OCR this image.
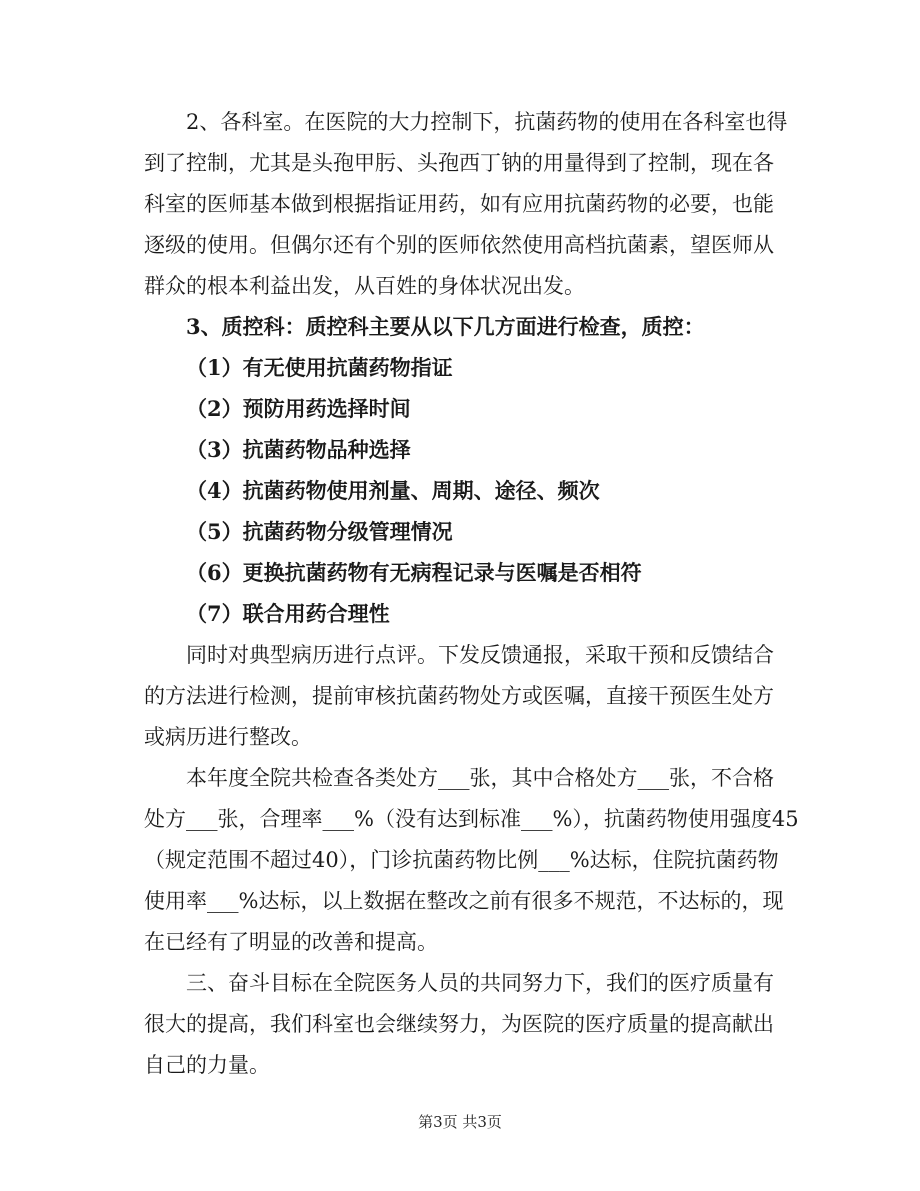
2、各科室。在医院的大力控制下，抗菌药物的使用在各科室也得

到了控制，尤其是头孢甲肟、头孢西丁钠的用量得到了控制，现在各

科室的医师基本做到根据指证用药，如有应用抗菌药物的必要，也能

逐级的使用。但偶尔还有个别的医师依然使用高档抗菌素，望医师从

群众的根本利益出发，从百姓的身体状况出发。

3、质控科：质控科主要从以下几方面进行检查，质控：

（1）有无使用抗菌药物指证

（2）预防用药选择时间

（3）抗菌药物品种选择

（4）抗菌药物使用剂量、周期、途径、频次

（5）抗菌药物分级管理情况

（6）更换抗菌药物有无病程记录与医嘱是否相符

（7）联合用药合理性

同时对典型病历进行点评。下发反馈通报，采取干预和反馈结合

的方法进行检测，提前审核抗菌药物处方或医嘱，直接干预医生处方

或病历进行整改。

本年度全院共检查各类处方___张，其中合格处方___张，不合格

处方___张，合理率___%（没有达到标准___%），抗菌药物使用强度45

（规定范围不超过40），门诊抗菌药物比例___%达标，住院抗菌药物

使用率___%达标，以上数据在整改之前有很多不规范，不达标的，现

在已经有了明显的改善和提高。

三、奋斗目标在全院医务人员的共同努力下，我们的医疗质量有

很大的提高，我们科室也会继续努力，为医院的医疗质量的提高献出

自己的力量。

第3页 共3页
